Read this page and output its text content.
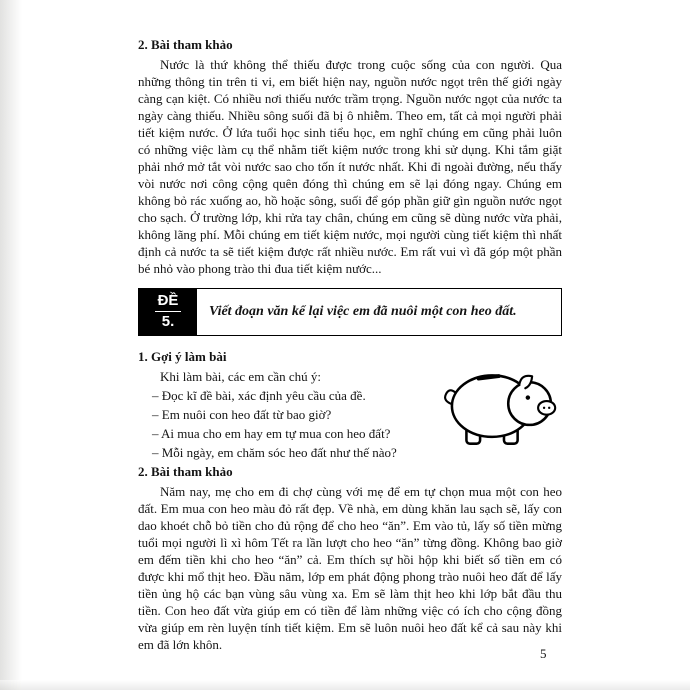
2. Bài tham khảo

Nước là thứ không thể thiếu được trong cuộc sống của con người. Qua những thông tin trên ti vi, em biết hiện nay, nguồn nước ngọt trên thế giới ngày càng cạn kiệt. Có nhiều nơi thiếu nước trầm trọng. Nguồn nước ngọt của nước ta ngày càng thiếu. Nhiều sông suối đã bị ô nhiễm. Theo em, tất cả mọi người phải tiết kiệm nước. Ở lứa tuổi học sinh tiểu học, em nghĩ chúng em cũng phải luôn có những việc làm cụ thể nhằm tiết kiệm nước trong khi sử dụng. Khi tắm giặt phải nhớ mở tắt vòi nước sao cho tốn ít nước nhất. Khi đi ngoài đường, nếu thấy vòi nước nơi công cộng quên đóng thì chúng em sẽ lại đóng ngay. Chúng em không bỏ rác xuống ao, hồ hoặc sông, suối để góp phần giữ gìn nguồn nước ngọt cho sạch. Ở trường lớp, khi rửa tay chân, chúng em cũng sẽ dùng nước vừa phải, không lãng phí. Mỗi chúng em tiết kiệm nước, mọi người cùng tiết kiệm thì nhất định cả nước ta sẽ tiết kiệm được rất nhiều nước. Em rất vui vì đã góp một phần bé nhỏ vào phong trào thi đua tiết kiệm nước...

ĐỀ
5.
Viết đoạn văn kể lại việc em đã nuôi một con heo đất.
1. Gợi ý làm bài

Khi làm bài, các em cần chú ý:

– Đọc kĩ đề bài, xác định yêu cầu của đề.

– Em nuôi con heo đất từ bao giờ?

– Ai mua cho em hay em tự mua con heo đất?

– Mỗi ngày, em chăm sóc heo đất như thế nào?

2. Bài tham khảo

Năm nay, mẹ cho em đi chợ cùng với mẹ để em tự chọn mua một con heo đất. Em mua con heo màu đỏ rất đẹp. Về nhà, em dùng khăn lau sạch sẽ, lấy con dao khoét chỗ bỏ tiền cho đủ rộng để cho heo “ăn”. Em vào tủ, lấy số tiền mừng tuổi mọi người lì xì hôm Tết ra lần lượt cho heo “ăn” từng đồng. Không bao giờ em đếm tiền khi cho heo “ăn” cả. Em thích sự hồi hộp khi biết số tiền em có được khi mổ thịt heo. Đầu năm, lớp em phát động phong trào nuôi heo đất để lấy tiền ủng hộ các bạn vùng sâu vùng xa. Em sẽ làm thịt heo khi lớp bắt đầu thu tiền. Con heo đất vừa giúp em có tiền để làm những việc có ích cho cộng đồng vừa giúp em rèn luyện tính tiết kiệm. Em sẽ luôn nuôi heo đất kể cả sau này khi em đã lớn khôn.

5
